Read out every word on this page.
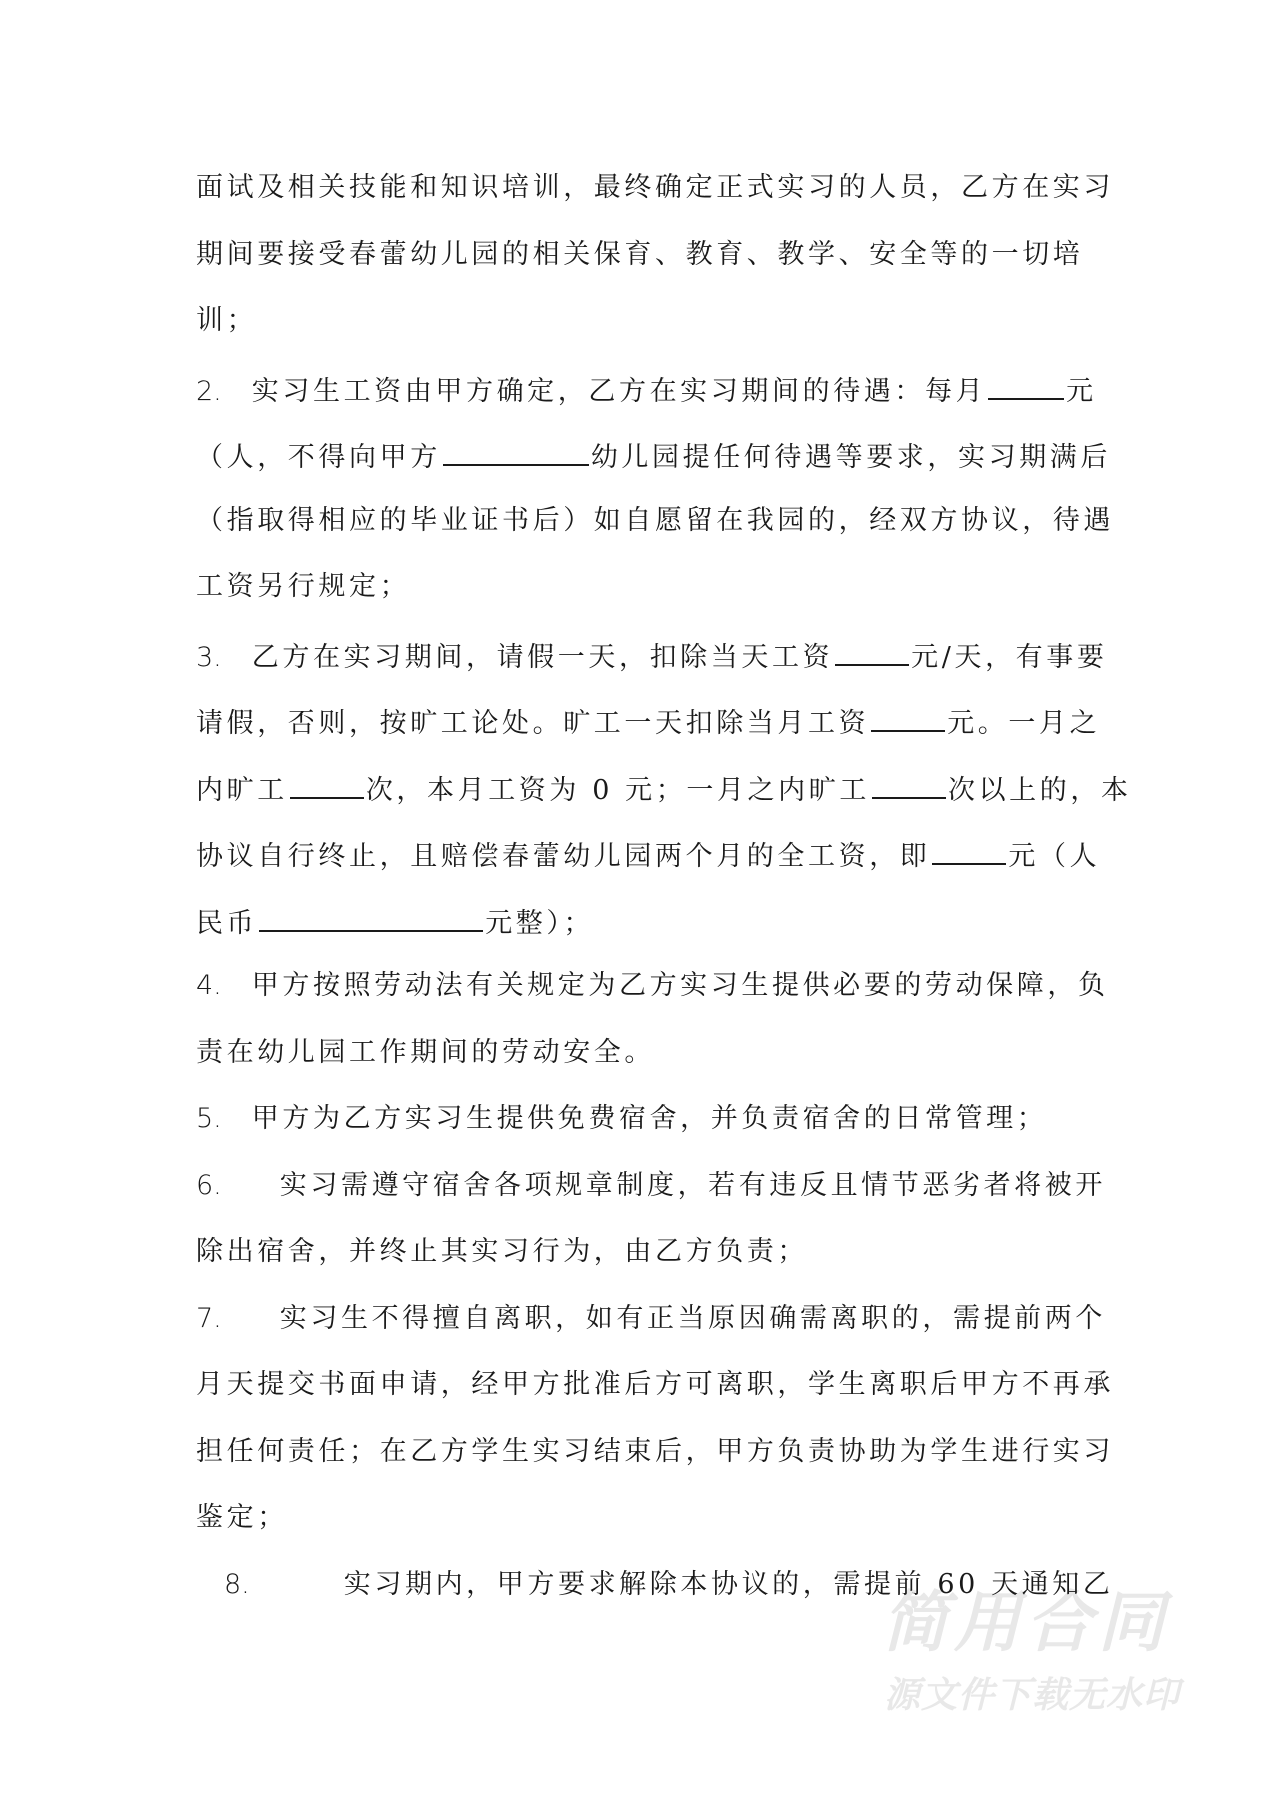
简用合同
源文件下载无水印
面试及相关技能和知识培训，最终确定正式实习的人员，乙方在实习
期间要接受春蕾幼儿园的相关保育、教育、教学、安全等的一切培
训；
2. 实习生工资由甲方确定，乙方在实习期间的待遇：每月	元
（人，不得向甲方	幼儿园提任何待遇等要求，实习期满后
（指取得相应的毕业证书后）如自愿留在我园的，经双方协议，待遇
工资另行规定；
3. 乙方在实习期间，请假一天，扣除当天工资	元/天，有事要
请假，否则，按旷工论处。旷工一天扣除当月工资	元。一月之
内旷工	次，本月工资为 0 元；一月之内旷工	次以上的，本
协议自行终止，且赔偿春蕾幼儿园两个月的全工资，即	元（人
民币	元整）；
4. 甲方按照劳动法有关规定为乙方实习生提供必要的劳动保障，负
责在幼儿园工作期间的劳动安全。
5. 甲方为乙方实习生提供免费宿舍，并负责宿舍的日常管理；
6. 实习需遵守宿舍各项规章制度，若有违反且情节恶劣者将被开
除出宿舍，并终止其实习行为，由乙方负责；
7. 实习生不得擅自离职，如有正当原因确需离职的，需提前两个
月天提交书面申请，经甲方批准后方可离职，学生离职后甲方不再承
担任何责任；在乙方学生实习结束后，甲方负责协助为学生进行实习
鉴定；
8.	实习期内，甲方要求解除本协议的，需提前 60 天通知乙
